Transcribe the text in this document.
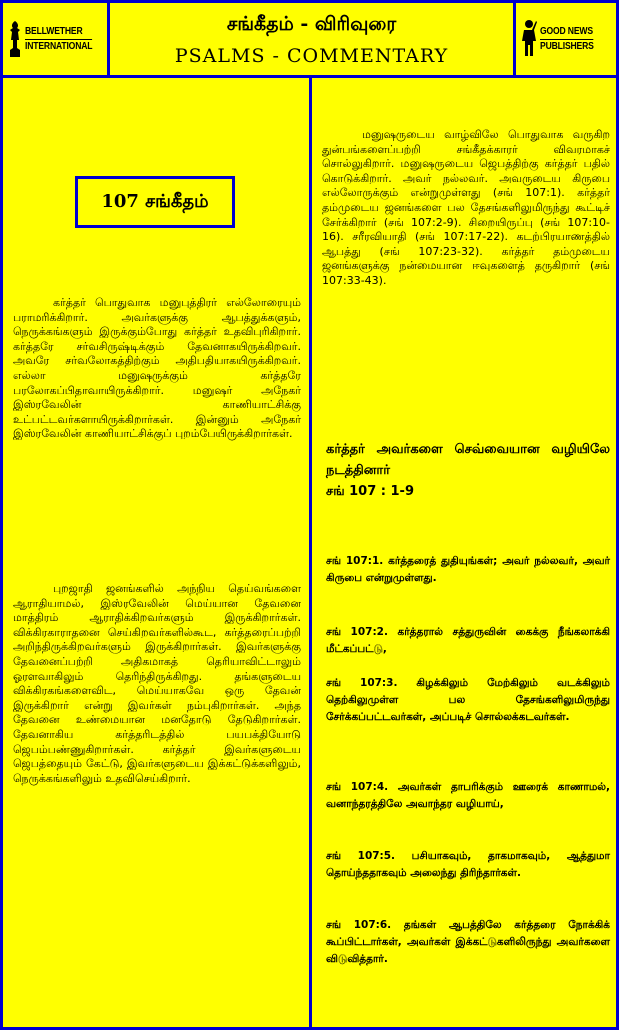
BELLWETHER
INTERNATIONAL
சங்கீதம் - விரிவுரை
PSALMS - COMMENTARY
GOOD NEWS
PUBLISHERS
107 சங்கீதம்
கர்த்தர் பொதுவாக மனுபுத்திரர் எல்லோரையும் பராமரிக்கிறார். அவர்களுக்கு ஆபத்துக்களும், நெருக்கங்களும் இருக்கும்போது கர்த்தர் உதவிபுரிகிறார். கர்த்தரே சர்வசிருஷ்டிக்கும் தேவனாகயிருக்கிறவர். அவரே சர்வலோகத்திற்கும் அதிபதியாகயிருக்கிறவர். எல்லா மனுஷருக்கும் கர்த்தரே பரலோகப்பிதாவாயிருக்கிறார். மனுஷர் அநேகர் இஸ்ரவேலின் காணியாட்சிக்கு உட்பட்டவர்களாயிருக்கிறார்கள். இன்னும் அநேகர் இஸ்ரவேலின் காணியாட்சிக்குப் புறம்பேயிருக்கிறார்கள்.
புறஜாதி ஜனங்களில் அந்நிய தெய்வங்களை ஆராதியாமல், இஸ்ரவேலின் மெய்யான தேவனை மாத்திரம் ஆராதிக்கிறவர்களும் இருக்கிறார்கள். விக்கிரகாராதனை செய்கிறவர்களில்கூட, கர்த்தரைப்பற்றி அறிந்திருக்கிறவர்களும் இருக்கிறார்கள். இவர்களுக்கு தேவனைப்பற்றி அதிகமாகத் தெரியாவிட்டாலும் ஓரளவாகிலும் தெரிந்திருக்கிறது. தங்களுடைய விக்கிரகங்களைவிட, மெய்யாகவே ஒரு தேவன் இருக்கிறார் என்று இவர்கள் நம்புகிறார்கள். அந்த தேவனை உண்மையான மனதோடு தேடுகிறார்கள். தேவனாகிய கர்த்தரிடத்தில் பயபக்தியோடு ஜெபம்பண்ணுகிறார்கள். கர்த்தர் இவர்களுடைய ஜெபத்தையும் கேட்டு, இவர்களுடைய இக்கட்டுக்களிலும், நெருக்கங்களிலும் உதவிசெய்கிறார்.
மனுஷருடைய வாழ்விலே பொதுவாக வருகிற துன்பங்களைப்பற்றி சங்கீதக்காரர் விவரமாகச் சொல்லுகிறார். மனுஷருடைய ஜெபத்திற்கு கர்த்தர் பதில் கொடுக்கிறார். அவர் நல்லவர். அவருடைய கிருபை எல்லோருக்கும் என்றுமுள்ளது (சங் 107:1). கர்த்தர் தம்முடைய ஜனங்களை பல தேசங்களிலுமிருந்து கூட்டிச் சேர்க்கிறார் (சங் 107:2-9). சிறையிருப்பு (சங் 107:10-16). சரீரவியாதி (சங் 107:17-22). கடற்பிரயாணத்தில் ஆபத்து (சங் 107:23-32). கர்த்தர் தம்முடைய ஜனங்களுக்கு நன்மையான ஈவுகளைத் தருகிறார் (சங் 107:33-43).
கர்த்தர் அவர்களை செவ்வையான வழியிலே நடத்தினார்
சங் 107 : 1-9
சங் 107:1. கர்த்தரைத் துதியுங்கள்; அவர் நல்லவர், அவர் கிருபை என்றுமுள்ளது.
சங் 107:2. கர்த்தரால் சத்துருவின் கைக்கு நீங்கலாக்கி மீட்கப்பட்டு,
சங் 107:3. கிழக்கிலும் மேற்கிலும் வடக்கிலும் தெற்கிலுமுள்ள பல தேசங்களிலுமிருந்து சேர்க்கப்பட்டவர்கள், அப்படிச் சொல்லக்கடவர்கள்.
சங் 107:4. அவர்கள் தாபரிக்கும் ஊரைக் காணாமல், வனாந்தரத்திலே அவாந்தர வழியாய்,
சங் 107:5. பசியாகவும், தாகமாகவும், ஆத்துமா தொய்ந்ததாகவும் அலைந்து திரிந்தார்கள்.
சங் 107:6. தங்கள் ஆபத்திலே கர்த்தரை நோக்கிக் கூப்பிட்டார்கள், அவர்கள் இக்கட்டுகளிலிருந்து அவர்களை விடுவித்தார்.
